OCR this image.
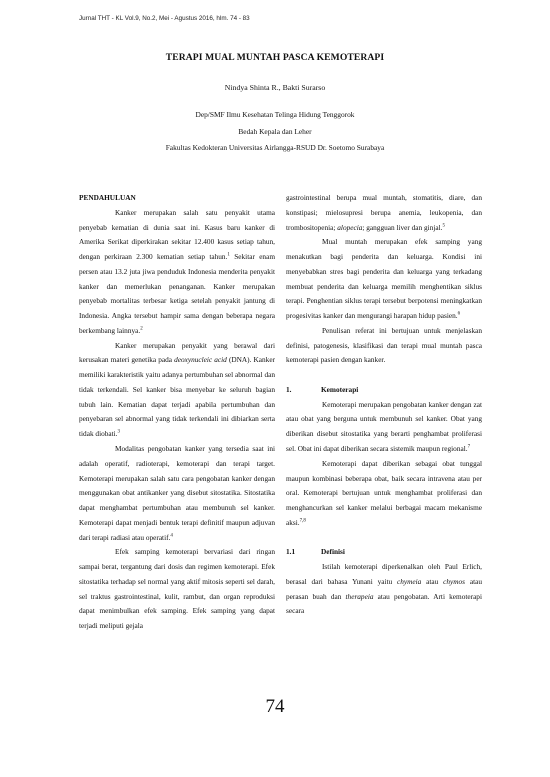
Jurnal THT - KL Vol.9, No.2, Mei - Agustus 2016, hlm. 74 - 83
TERAPI MUAL MUNTAH PASCA KEMOTERAPI
Nindya Shinta R., Bakti Surarso
Dep/SMF Ilmu Kesehatan Telinga Hidung Tenggorok
Bedah Kepala dan Leher
Fakultas Kedokteran Universitas Airlangga-RSUD Dr. Soetomo Surabaya
PENDAHULUAN

Kanker merupakan salah satu penyakit utama penyebab kematian di dunia saat ini. Kasus baru kanker di Amerika Serikat diperkirakan sekitar 12.400 kasus setiap tahun, dengan perkiraan 2.300 kematian setiap tahun.$^1$ Sekitar enam persen atau 13.2 juta jiwa penduduk Indonesia menderita penyakit kanker dan memerlukan penanganan. Kanker merupakan penyebab mortalitas terbesar ketiga setelah penyakit jantung di Indonesia. Angka tersebut hampir sama dengan beberapa negara berkembang lainnya.$^2$

Kanker merupakan penyakit yang berawal dari kerusakan materi genetika pada deoxynucleic acid (DNA). Kanker memiliki karakteristik yaitu adanya pertumbuhan sel abnormal dan tidak terkendali. Sel kanker bisa menyebar ke seluruh bagian tubuh lain. Kematian dapat terjadi apabila pertumbuhan dan penyebaran sel abnormal yang tidak terkendali ini dibiarkan serta tidak diobati.$^3$

Modalitas pengobatan kanker yang tersedia saat ini adalah operatif, radioterapi, kemoterapi dan terapi target. Kemoterapi merupakan salah satu cara pengobatan kanker dengan menggunakan obat antikanker yang disebut sitostatika. Sitostatika dapat menghambat pertumbuhan atau membunuh sel kanker. Kemoterapi dapat menjadi bentuk terapi definitif maupun adjuvan dari terapi radiasi atau operatif.$^4$

Efek samping kemoterapi bervariasi dari ringan sampai berat, tergantung dari dosis dan regimen kemoterapi. Efek sitostatika terhadap sel normal yang aktif mitosis seperti sel darah, sel traktus gastrointestinal, kulit, rambut, dan organ reproduksi dapat menimbulkan efek samping. Efek samping yang dapat terjadi meliputi gejala

gastrointestinal berupa mual muntah, stomatitis, diare, dan konstipasi; mielosupresi berupa anemia, leukopenia, dan trombositopenia; alopecia; gangguan liver dan ginjal.$^5$

Mual muntah merupakan efek samping yang menakutkan bagi penderita dan keluarga. Kondisi ini menyebabkan stres bagi penderita dan keluarga yang terkadang membuat penderita dan keluarga memilih menghentikan siklus terapi. Penghentian siklus terapi tersebut berpotensi meningkatkan progesivitas kanker dan mengurangi harapan hidup pasien.$^6$

Penulisan referat ini bertujuan untuk menjelaskan definisi, patogenesis, klasifikasi dan terapi mual muntah pasca kemoterapi pasien dengan kanker.

1.	Kemoterapi

Kemoterapi merupakan pengobatan kanker dengan zat atau obat yang berguna untuk membunuh sel kanker. Obat yang diberikan disebut sitostatika yang berarti penghambat proliferasi sel. Obat ini dapat diberikan secara sistemik maupun regional.$^7$

Kemoterapi dapat diberikan sebagai obat tunggal maupun kombinasi beberapa obat, baik secara intravena atau per oral. Kemoterapi bertujuan untuk menghambat proliferasi dan menghancurkan sel kanker melalui berbagai macam mekanisme aksi.$^{7,8}$

1.1	Definisi

Istilah kemoterapi diperkenalkan oleh Paul Erlich, berasal dari bahasa Yunani yaitu chymeia atau chymos atau perasan buah dan therapeia atau pengobatan. Arti kemoterapi secara

74
